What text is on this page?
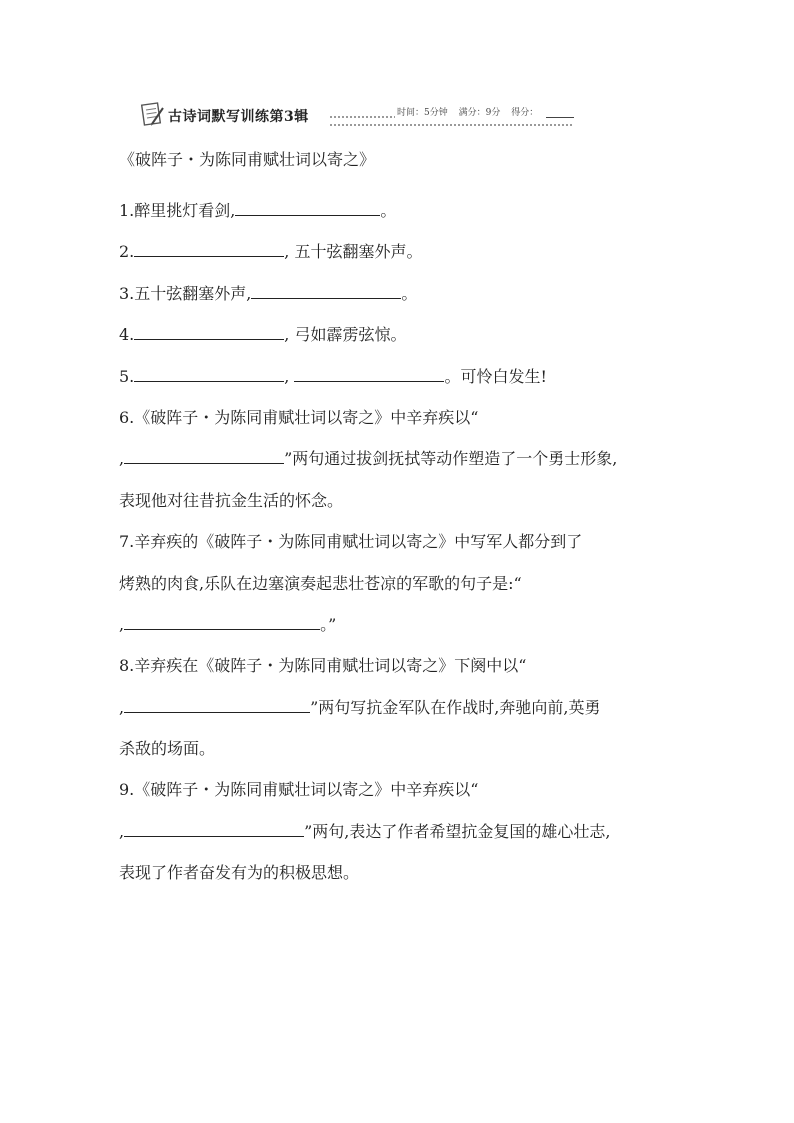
古诗词默写训练第3辑	时间：5分钟 满分：9分 得分：
《破阵子・为陈同甫赋壮词以寄之》
1.醉里挑灯看剑,	。
2.	, 五十弦翻塞外声。
3.五十弦翻塞外声,	。
4.	, 弓如霹雳弦惊。
5.	,	。可怜白发生!
6.《破阵子・为陈同甫赋壮词以寄之》中辛弃疾以“
,	”两句通过拔剑抚拭等动作塑造了一个勇士形象,
表现他对往昔抗金生活的怀念。
7.辛弃疾的《破阵子・为陈同甫赋壮词以寄之》中写军人都分到了
烤熟的肉食,乐队在边塞演奏起悲壮苍凉的军歌的句子是:“
,	。”
8.辛弃疾在《破阵子・为陈同甫赋壮词以寄之》下阕中以“
,	”两句写抗金军队在作战时,奔驰向前,英勇
杀敌的场面。
9.《破阵子・为陈同甫赋壮词以寄之》中辛弃疾以“
,	”两句,表达了作者希望抗金复国的雄心壮志,
表现了作者奋发有为的积极思想。
